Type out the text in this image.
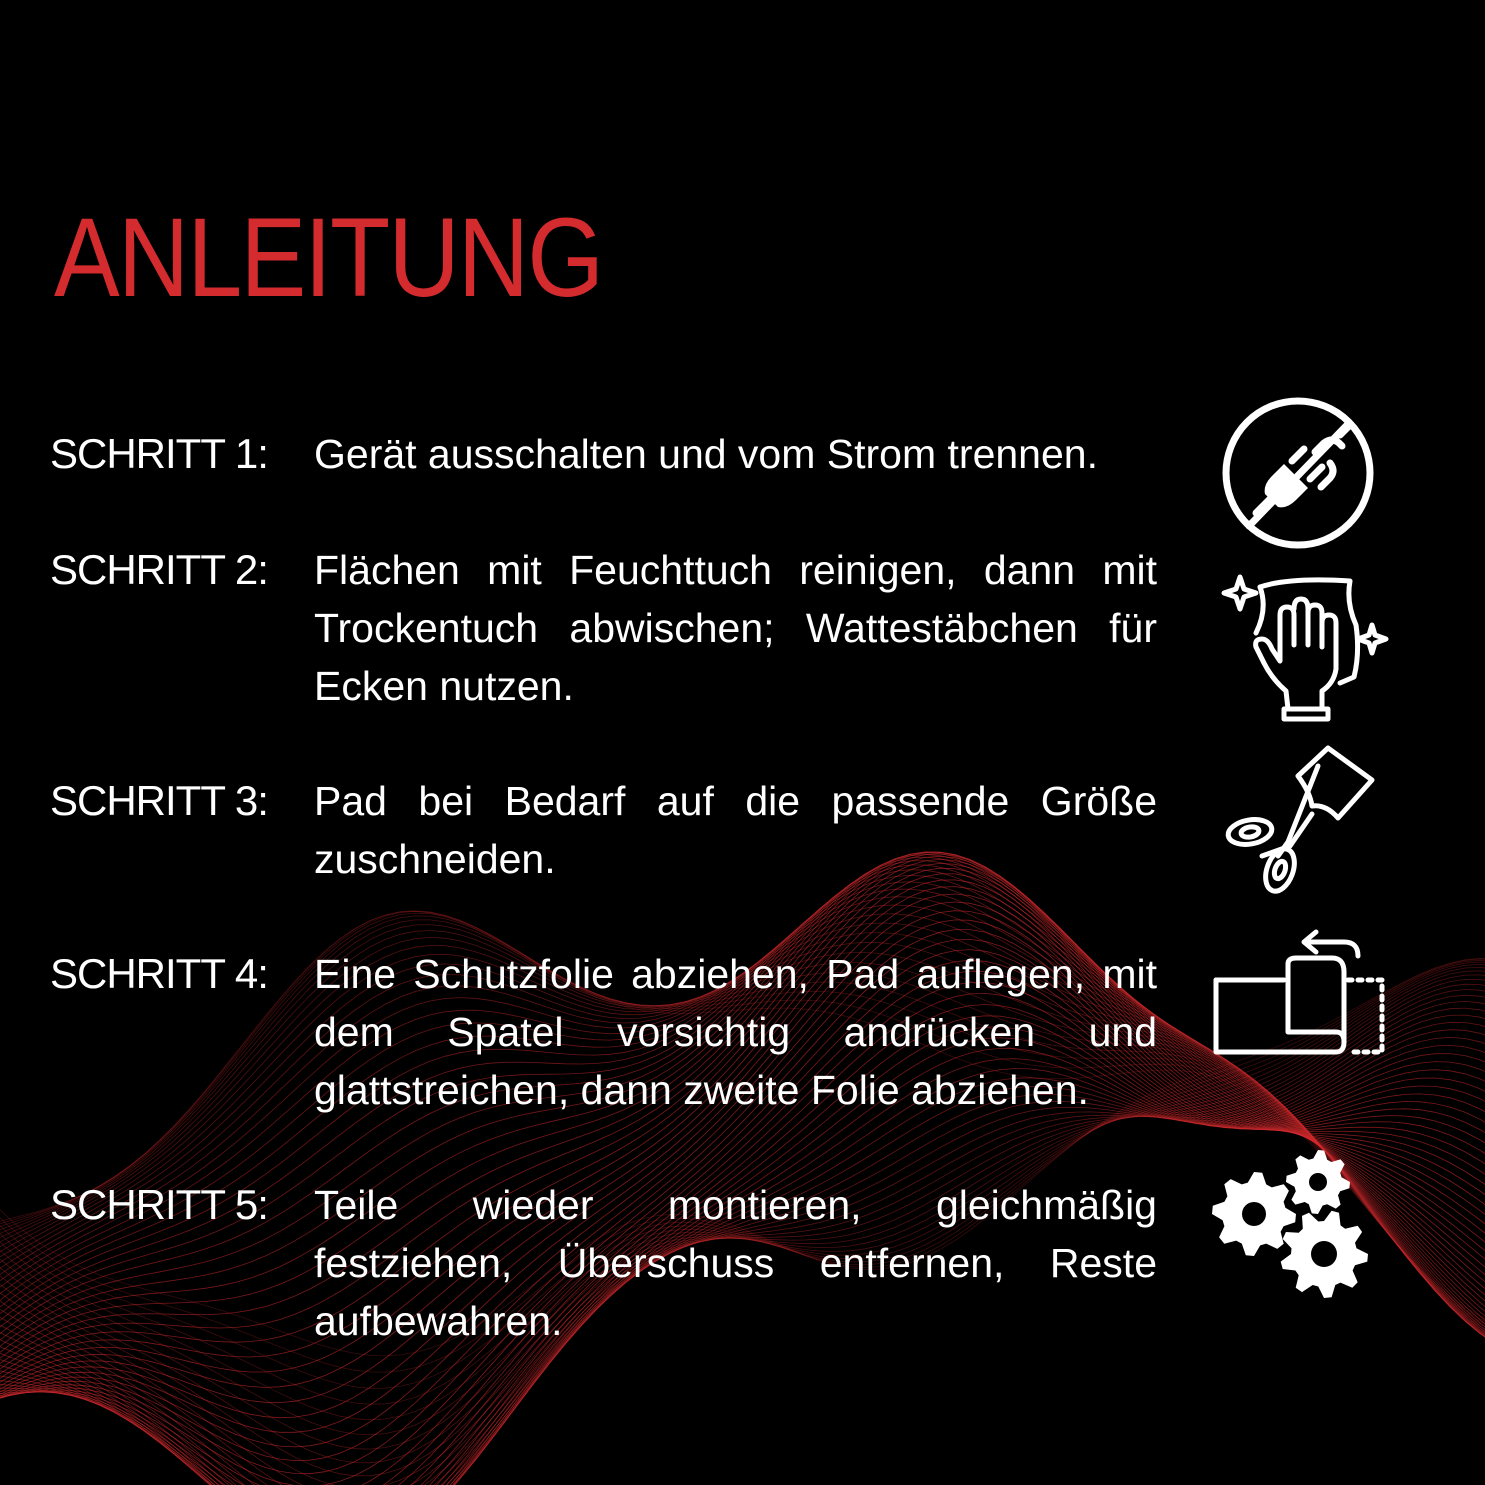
ANLEITUNG
SCHRITT 1:	Gerät ausschalten und vom Strom trennen.
SCHRITT 2:	Flächen mit Feuchttuch reinigen, dann mit Trockentuch abwischen; Wattestäbchen für Ecken nutzen.
SCHRITT 3:	Pad bei Bedarf auf die passende Größe zuschneiden.
SCHRITT 4:	Eine Schutzfolie abziehen, Pad auflegen, mit dem Spatel vorsichtig andrücken und glattstreichen, dann zweite Folie abziehen.
SCHRITT 5:	Teile wieder montieren, gleichmäßig festziehen, Überschuss entfernen, Reste aufbewahren.
